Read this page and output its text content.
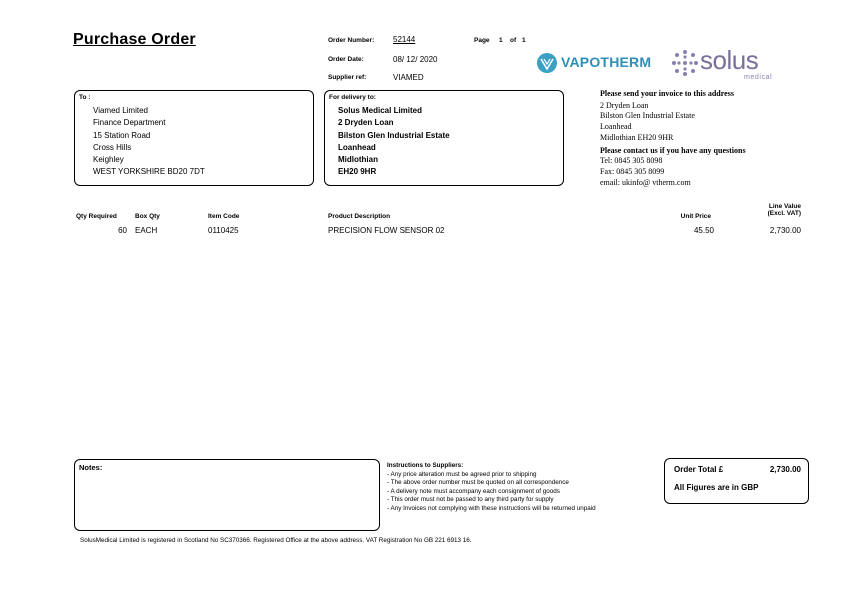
Purchase Order	Order Number: 52144	Page 1 of 1
Order Date:	08/ 12/ 2020
Supplier ref:	VIAMED
VAPOTHERM solus
medical
To :
Viamed Limited
Finance Department
15 Station Road
Cross Hills
Keighley
WEST YORKSHIRE BD20 7DT
For delivery to:
Solus Medical Limited
2 Dryden Loan
Bilston Glen Industrial Estate
Loanhead
Midlothian
EH20 9HR
Please send your invoice to this address
2 Dryden Loan
Bilston Glen Industrial Estate
Loanhead
Midlothian EH20 9HR
Please contact us if you have any questions
Tel: 0845 305 8098
Fax: 0845 305 8099
email: ukinfo@ vtherm.com
Qty Required	Box Qty	Item Code	Product Description	Unit Price
Line Value
(Excl. VAT)
60 EACH	0110425	PRECISION FLOW SENSOR 02	45.50	2,730.00
Notes:	Instructions to Suppliers:
- Any price alteration must be agreed prior to shipping
- The above order number must be quoted on all correspondence
- A delivery note must accompany each consignment of goods
- This order must not be passed to any third party for supply
- Any Invoices not complying with these instructions will be returned unpaid
Order Total £	2,730.00
All Figures are in GBP
SolusMedical Limited is registered in Scotland No SC370366. Registered Office at the above address. VAT Registration No GB 221 6913 16.
